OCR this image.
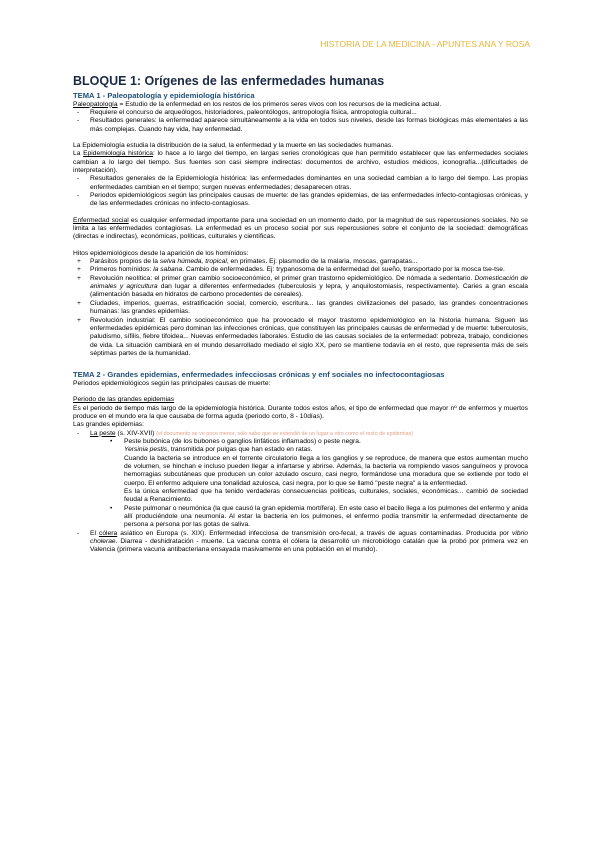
HISTORIA DE LA MEDICINA - APUNTES ANA Y ROSA
BLOQUE 1: Orígenes de las enfermedades humanas
TEMA 1 - Paleopatología y epidemiología histórica

Paleopatología = Estudio de la enfermedad en los restos de los primeros seres vivos con los recursos de la medicina actual.

- Requiere el concurso de arqueólogos, historiadores, paleontólogos, antropología física, antropología cultural...
- Resultados generales: la enfermedad aparece simultáneamente a la vida en todos sus niveles, desde las formas biológicas más elementales a las más complejas. Cuando hay vida, hay enfermedad.

La Epidemiología estudia la distribución de la salud, la enfermedad y la muerte en las sociedades humanas.

La Epidemiología histórica: lo hace a lo largo del tiempo, en largas series cronológicas que han permitido establecer que las enfermedades sociales cambian a lo largo del tiempo. Sus fuentes son casi siempre indirectas: documentos de archivo, estudios médicos, iconografía...(dificultades de interpretación).

- Resultados generales de la Epidemiología histórica: las enfermedades dominantes en una sociedad cambian a lo largo del tiempo. Las propias enfermedades cambian en el tiempo; surgen nuevas enfermedades; desaparecen otras.
- Periodos epidemiológicos según las principales causas de muerte: de las grandes epidemias, de las enfermedades infecto-contagiosas crónicas, y de las enfermedades crónicas no infecto-contagiosas.

Enfermedad social es cualquier enfermedad importante para una sociedad en un momento dado, por la magnitud de sus repercusiones sociales. No se limita a las enfermedades contagiosas. La enfermedad es un proceso social por sus repercusiones sobre el conjunto de la sociedad: demográficas (directas e indirectas), económicas, políticas, culturales y científicas.

Hitos epidemiológicos desde la aparición de los homínidos:

+ Parásitos propios de la selva húmeda, tropical, en primates. Ej: plasmodio de la malaria, moscas, garrapatas...
+ Primeros homínidos: la sabana. Cambio de enfermedades. Ej: trypanosoma de la enfermedad del sueño, transportado por la mosca tse-tse.
+ Revolución neolítica: el primer gran cambio socioeconómico, el primer gran trastorno epidemiológico. De nómada a sedentario. Domesticación de animales y agricultura dan lugar a diferentes enfermedades (tuberculosis y lepra, y anquilostomiasis, respectivamente). Caries a gran escala (alimentación basada en hidratos de carbono procedentes de cereales).
+ Ciudades, imperios, guerras, estratificación social, comercio, escritura... las grandes civilizaciones del pasado, las grandes concentraciones humanas: las grandes epidemias.
+ Revolución industrial: El cambio socioeconómico que ha provocado el mayor trastorno epidemiológico en la historia humana. Siguen las enfermedades epidémicas pero dominan las infecciones crónicas, que constituyen las principales causas de enfermedad y de muerte: tuberculosis, paludismo, sífilis, fiebre tifoidea... Nuevas enfermedades laborales. Estudio de las causas sociales de la enfermedad: pobreza, trabajo, condiciones de vida. La situación cambiará en el mundo desarrollado mediado el siglo XX, pero se mantiene todavía en el resto, que representa más de seis séptimas partes de la humanidad.
TEMA 2 - Grandes epidemias, enfermedades infecciosas crónicas y enf sociales no infectocontagiosas

Periodos epidemiológicos según las principales causas de muerte:

Periodo de las grandes epidemias

Es el periodo de tiempo más largo de la epidemiología histórica. Durante todos estos años, el tipo de enfermedad que mayor nº de enfermos y muertos produce en el mundo era la que causaba de forma aguda (periodo corto, 8 - 10días).

Las grandes epidemias:

- La peste (s. XIV-XVII) (el documento se ve poco menor, sólo sabe que se extendió de un lugar a otro como el resto de epidemias)
• Peste bubónica (de los bubones o ganglios linfáticos inflamados) o peste negra.
Yersinia pestis, transmitida por pulgas que han estado en ratas.
Cuando la bacteria se introduce en el torrente circulatorio llega a los ganglios y se reproduce, de manera que estos aumentan mucho de volumen, se hinchan e incluso pueden llegar a infartarse y abrirse. Además, la bacteria va rompiendo vasos sanguíneos y provoca hemorragias subcutáneas que producen un color azulado oscuro, casi negro, formándose una moradura que se extiende por todo el cuerpo. El enfermo adquiere una tonalidad azulosca, casi negra, por lo que se llamó "peste negra" a la enfermedad.
Es la única enfermedad que ha tenido verdaderas consecuencias políticas, culturales, sociales, económicas... cambió de sociedad feudal a Renacimiento.
• Peste pulmonar o neumónica (la que causó la gran epidemia mortífera). En este caso el bacilo llega a los pulmones del enfermo y anida allí produciéndole una neumonía. Al estar la bacteria en los pulmones, el enfermo podía transmitir la enfermedad directamente de persona a persona por las gotas de saliva.
- El cólera asiático en Europa (s. XIX). Enfermedad infecciosa de transmisión oro-fecal, a través de aguas contaminadas. Producida por vibrio cholerae. Diarrea - deshidratación - muerte. La vacuna contra el cólera la desarrolló un microbiólogo catalán que la probó por primera vez en Valencia (primera vacuna antibacteriana ensayada masivamente en una población en el mundo).
